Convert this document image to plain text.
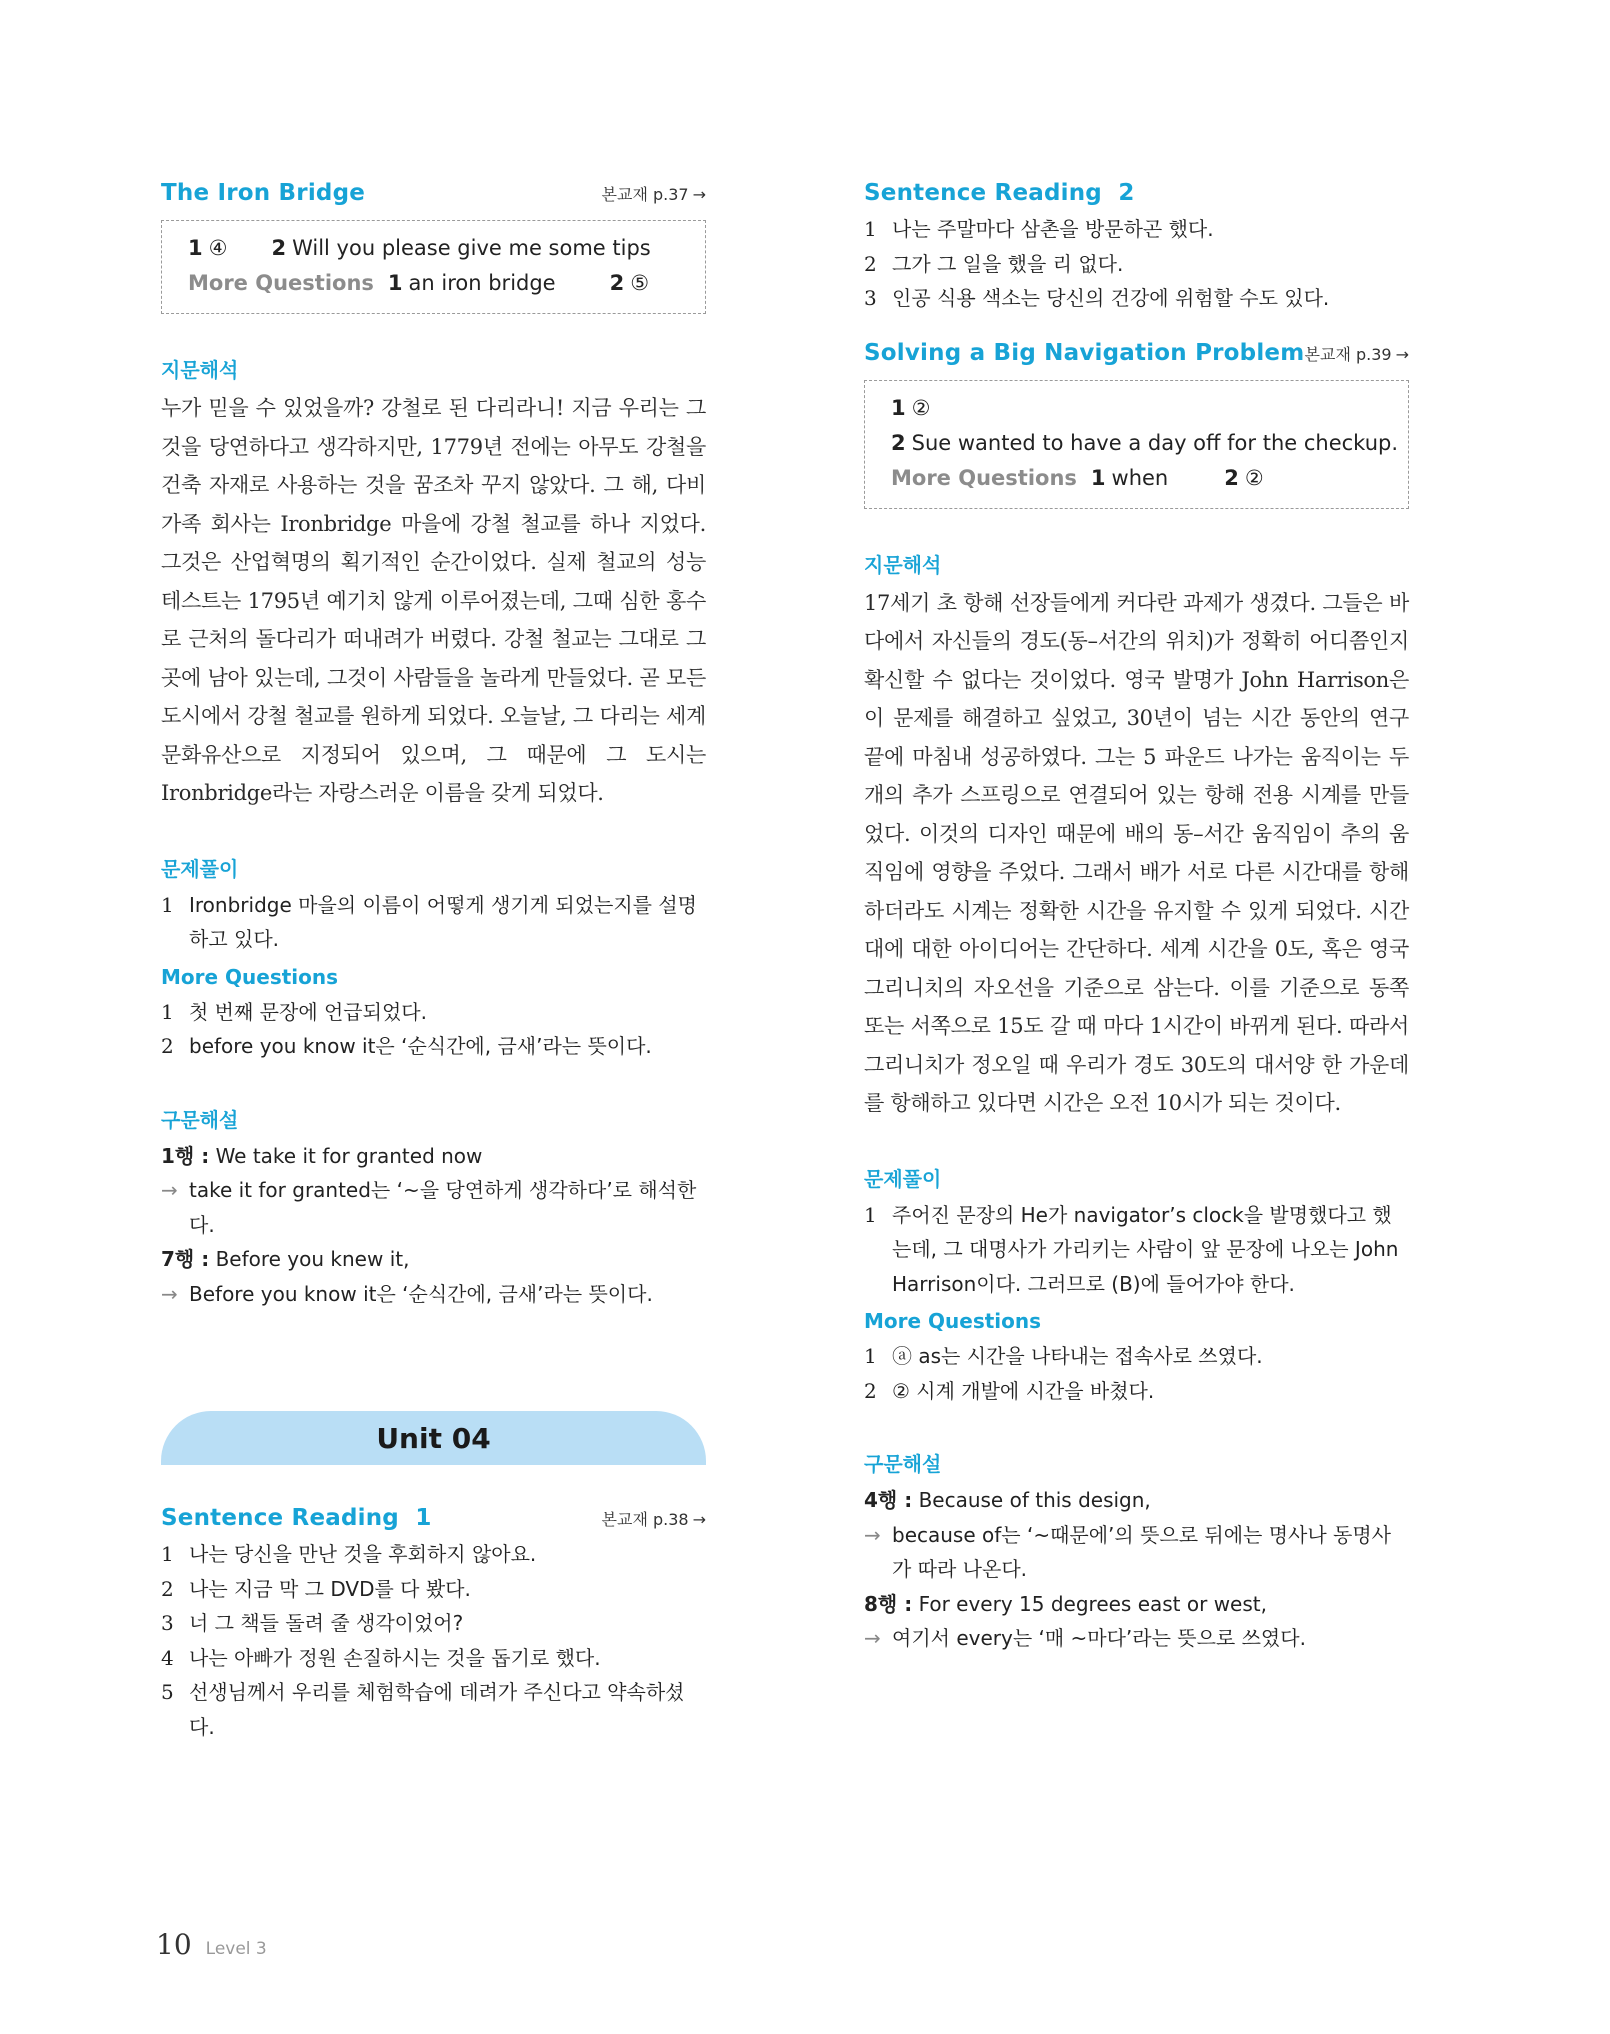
The Iron Bridge	본교재 p.37 →
1 ④ 2 Will you please give me some tips
More Questions 1 an iron bridge	2 ⑤
지문해석

누가 믿을 수 있었을까? 강철로 된 다리라니! 지금 우리는 그것을 당연하다고 생각하지만, 1779년 전에는 아무도 강철을 건축 자재로 사용하는 것을 꿈조차 꾸지 않았다. 그 해, 다비 가족 회사는 Ironbridge 마을에 강철 철교를 하나 지었다. 그것은 산업혁명의 획기적인 순간이었다. 실제 철교의 성능 테스트는 1795년 예기치 않게 이루어졌는데, 그때 심한 홍수로 근처의 돌다리가 떠내려가 버렸다. 강철 철교는 그대로 그곳에 남아 있는데, 그것이 사람들을 놀라게 만들었다. 곧 모든 도시에서 강철 철교를 원하게 되었다. 오늘날, 그 다리는 세계 문화유산으로 지정되어 있으며, 그 때문에 그 도시는 Ironbridge라는 자랑스러운 이름을 갖게 되었다.

문제풀이
1 Ironbridge 마을의 이름이 어떻게 생기게 되었는지를 설명하고 있다.
More Questions
1 첫 번째 문장에 언급되었다.
2 before you know it은 ‘순식간에, 금새’라는 뜻이다.
구문해설
1행 :
We take it for granted now
→ take it for granted는 ‘~을 당연하게 생각하다’로 해석한다.
7행 :
Before you knew it,
→ Before you know it은 ‘순식간에, 금새’라는 뜻이다.
Unit 04
Sentence Reading  1	본교재 p.38 →
1 나는 당신을 만난 것을 후회하지 않아요.
2 나는 지금 막 그 DVD를 다 봤다.
3 너 그 책들 돌려 줄 생각이었어?
4 나는 아빠가 정원 손질하시는 것을 돕기로 했다.
5 선생님께서 우리를 체험학습에 데려가 주신다고 약속하셨다.
Sentence Reading  2
1 나는 주말마다 삼촌을 방문하곤 했다.
2 그가 그 일을 했을 리 없다.
3 인공 식용 색소는 당신의 건강에 위험할 수도 있다.
Solving a Big Navigation Problem 본교재 p.39 →
1 ②
2 Sue wanted to have a day off for the checkup.
More Questions 1 when	2 ②
지문해석

17세기 초 항해 선장들에게 커다란 과제가 생겼다. 그들은 바다에서 자신들의 경도(동–서간의 위치)가 정확히 어디쯤인지 확신할 수 없다는 것이었다. 영국 발명가 John Harrison은 이 문제를 해결하고 싶었고, 30년이 넘는 시간 동안의 연구 끝에 마침내 성공하였다. 그는 5 파운드 나가는 움직이는 두 개의 추가 스프링으로 연결되어 있는 항해 전용 시계를 만들었다. 이것의 디자인 때문에 배의 동–서간 움직임이 추의 움직임에 영향을 주었다. 그래서 배가 서로 다른 시간대를 항해하더라도 시계는 정확한 시간을 유지할 수 있게 되었다. 시간대에 대한 아이디어는 간단하다. 세계 시간을 0도, 혹은 영국 그리니치의 자오선을 기준으로 삼는다. 이를 기준으로 동쪽 또는 서쪽으로 15도 갈 때 마다 1시간이 바뀌게 된다. 따라서 그리니치가 정오일 때 우리가 경도 30도의 대서양 한 가운데를 항해하고 있다면 시간은 오전 10시가 되는 것이다.

문제풀이
1 주어진 문장의 He가 navigator’s clock을 발명했다고 했는데, 그 대명사가 가리키는 사람이 앞 문장에 나오는 John Harrison이다. 그러므로 (B)에 들어가야 한다.
More Questions
1 ⓐ as는 시간을 나타내는 접속사로 쓰였다.
2 ② 시계 개발에 시간을 바쳤다.
구문해설
4행 :
Because of this design,
→ because of는 ‘~때문에’의 뜻으로 뒤에는 명사나 동명사가 따라 나온다.
8행 :
For every 15 degrees east or west,
→ 여기서 every는 ‘매 ~마다’라는 뜻으로 쓰였다.
10 Level 3
